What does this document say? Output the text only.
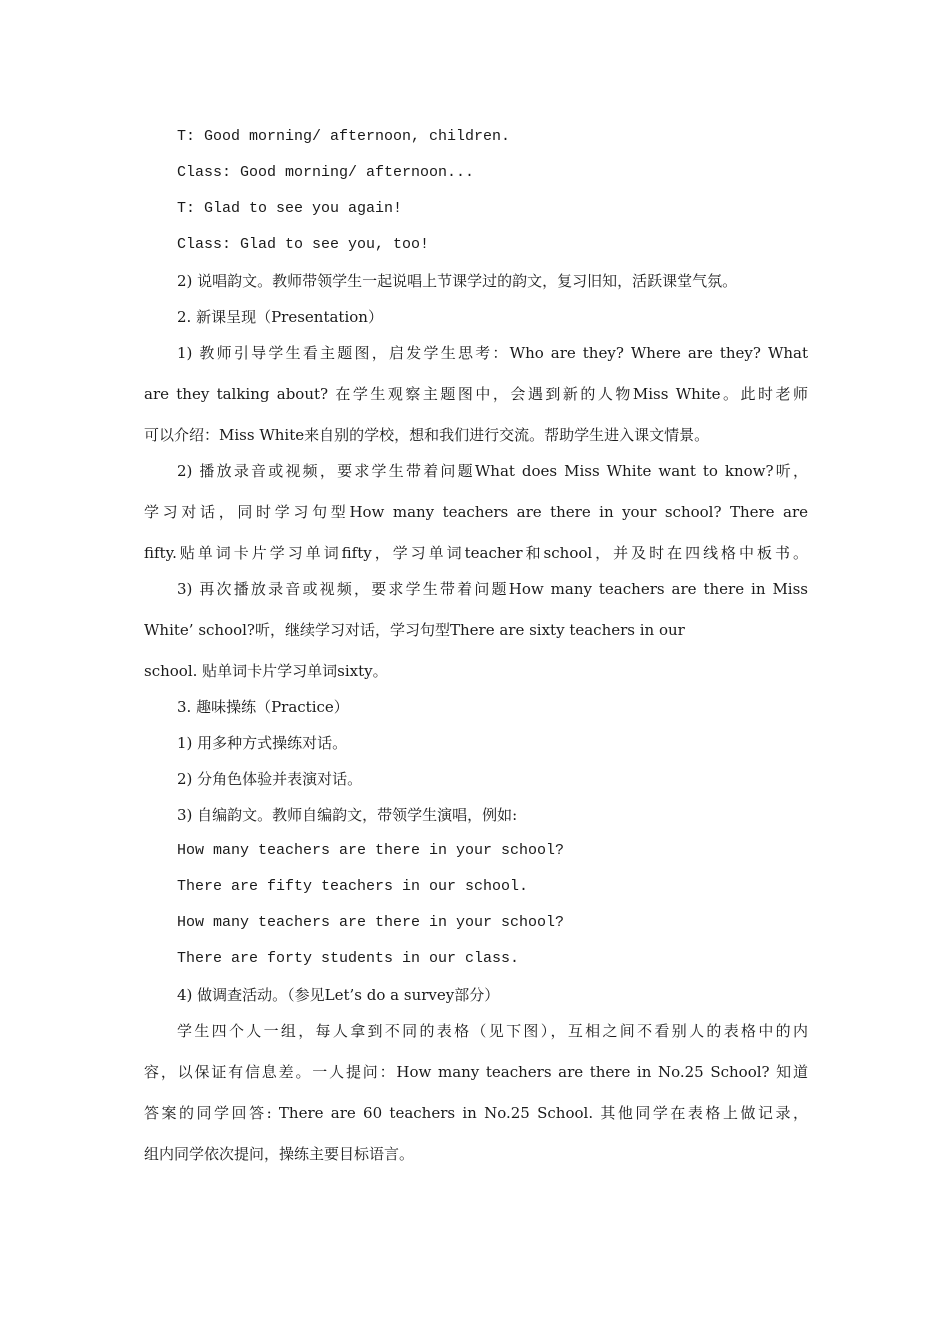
T: Good morning/ afternoon, children.

Class: Good morning/ afternoon...

T: Glad to see you again!

Class: Glad to see you, too!

2) 说唱韵文。教师带领学生一起说唱上节课学过的韵文，复习旧知，活跃课堂气氛。

2. 新课呈现（Presentation）

1) 教师引导学生看主题图，启发学生思考：Who are they? Where are they? What

are they talking about? 在学生观察主题图中，会遇到新的人物Miss White。此时老师

可以介绍：Miss White来自别的学校，想和我们进行交流。帮助学生进入课文情景。

2) 播放录音或视频，要求学生带着问题What does Miss White want to know?听，

学习对话，同时学习句型How many teachers are there in your school? There are

fifty.贴单词卡片学习单词fifty，学习单词teacher和school，并及时在四线格中板书。

3) 再次播放录音或视频，要求学生带着问题How many teachers are there in Miss

White’ school?听，继续学习对话，学习句型There are sixty teachers in our

school. 贴单词卡片学习单词sixty。

3. 趣味操练（Practice）

1) 用多种方式操练对话。

2) 分角色体验并表演对话。

3) 自编韵文。教师自编韵文，带领学生演唱，例如:

How many teachers are there in your school?

There are fifty teachers in our school.

How many teachers are there in your school?

There are forty students in our class.

4) 做调查活动。（参见Let’s do a survey部分）

学生四个人一组，每人拿到不同的表格（见下图），互相之间不看别人的表格中的内

容，以保证有信息差。一人提问：How many teachers are there in No.25 School? 知道

答案的同学回答: There are 60 teachers in No.25 School. 其他同学在表格上做记录，

组内同学依次提问，操练主要目标语言。
